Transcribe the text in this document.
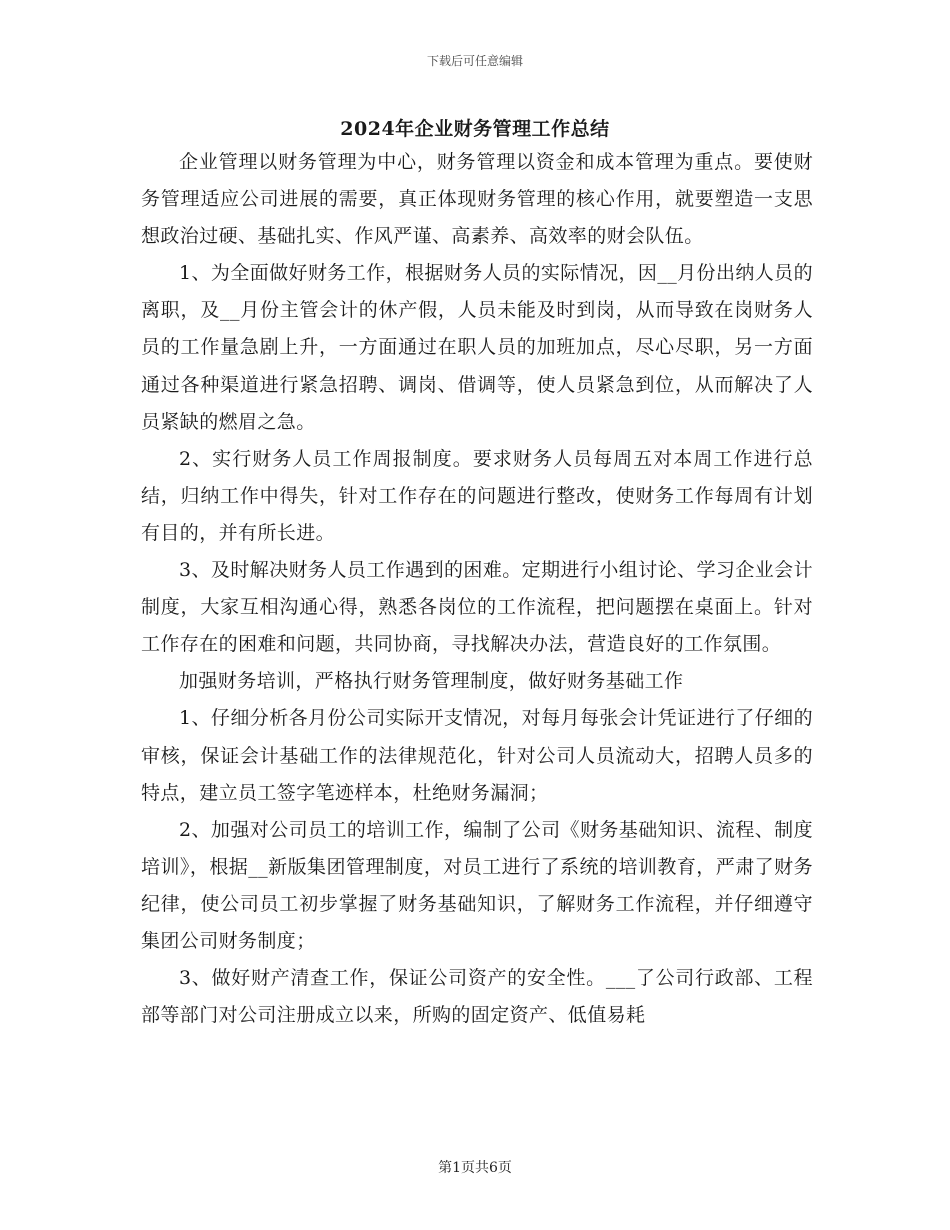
下载后可任意编辑
2024年企业财务管理工作总结

企业管理以财务管理为中心，财务管理以资金和成本管理为重点。要使财务管理适应公司进展的需要，真正体现财务管理的核心作用，就要塑造一支思想政治过硬、基础扎实、作风严谨、高素养、高效率的财会队伍。

1、为全面做好财务工作，根据财务人员的实际情况，因__月份出纳人员的离职，及__月份主管会计的休产假，人员未能及时到岗，从而导致在岗财务人员的工作量急剧上升，一方面通过在职人员的加班加点，尽心尽职，另一方面通过各种渠道进行紧急招聘、调岗、借调等，使人员紧急到位，从而解决了人员紧缺的燃眉之急。

2、实行财务人员工作周报制度。要求财务人员每周五对本周工作进行总结，归纳工作中得失，针对工作存在的问题进行整改，使财务工作每周有计划有目的，并有所长进。

3、及时解决财务人员工作遇到的困难。定期进行小组讨论、学习企业会计制度，大家互相沟通心得，熟悉各岗位的工作流程，把问题摆在桌面上。针对工作存在的困难和问题，共同协商，寻找解决办法，营造良好的工作氛围。

加强财务培训，严格执行财务管理制度，做好财务基础工作

1、仔细分析各月份公司实际开支情况，对每月每张会计凭证进行了仔细的审核，保证会计基础工作的法律规范化，针对公司人员流动大，招聘人员多的特点，建立员工签字笔迹样本，杜绝财务漏洞；

2、加强对公司员工的培训工作，编制了公司《财务基础知识、流程、制度培训》，根据__新版集团管理制度，对员工进行了系统的培训教育，严肃了财务纪律，使公司员工初步掌握了财务基础知识，了解财务工作流程，并仔细遵守集团公司财务制度；

3、做好财产清查工作，保证公司资产的安全性。___了公司行政部、工程部等部门对公司注册成立以来，所购的固定资产、低值易耗

第1页共6页
